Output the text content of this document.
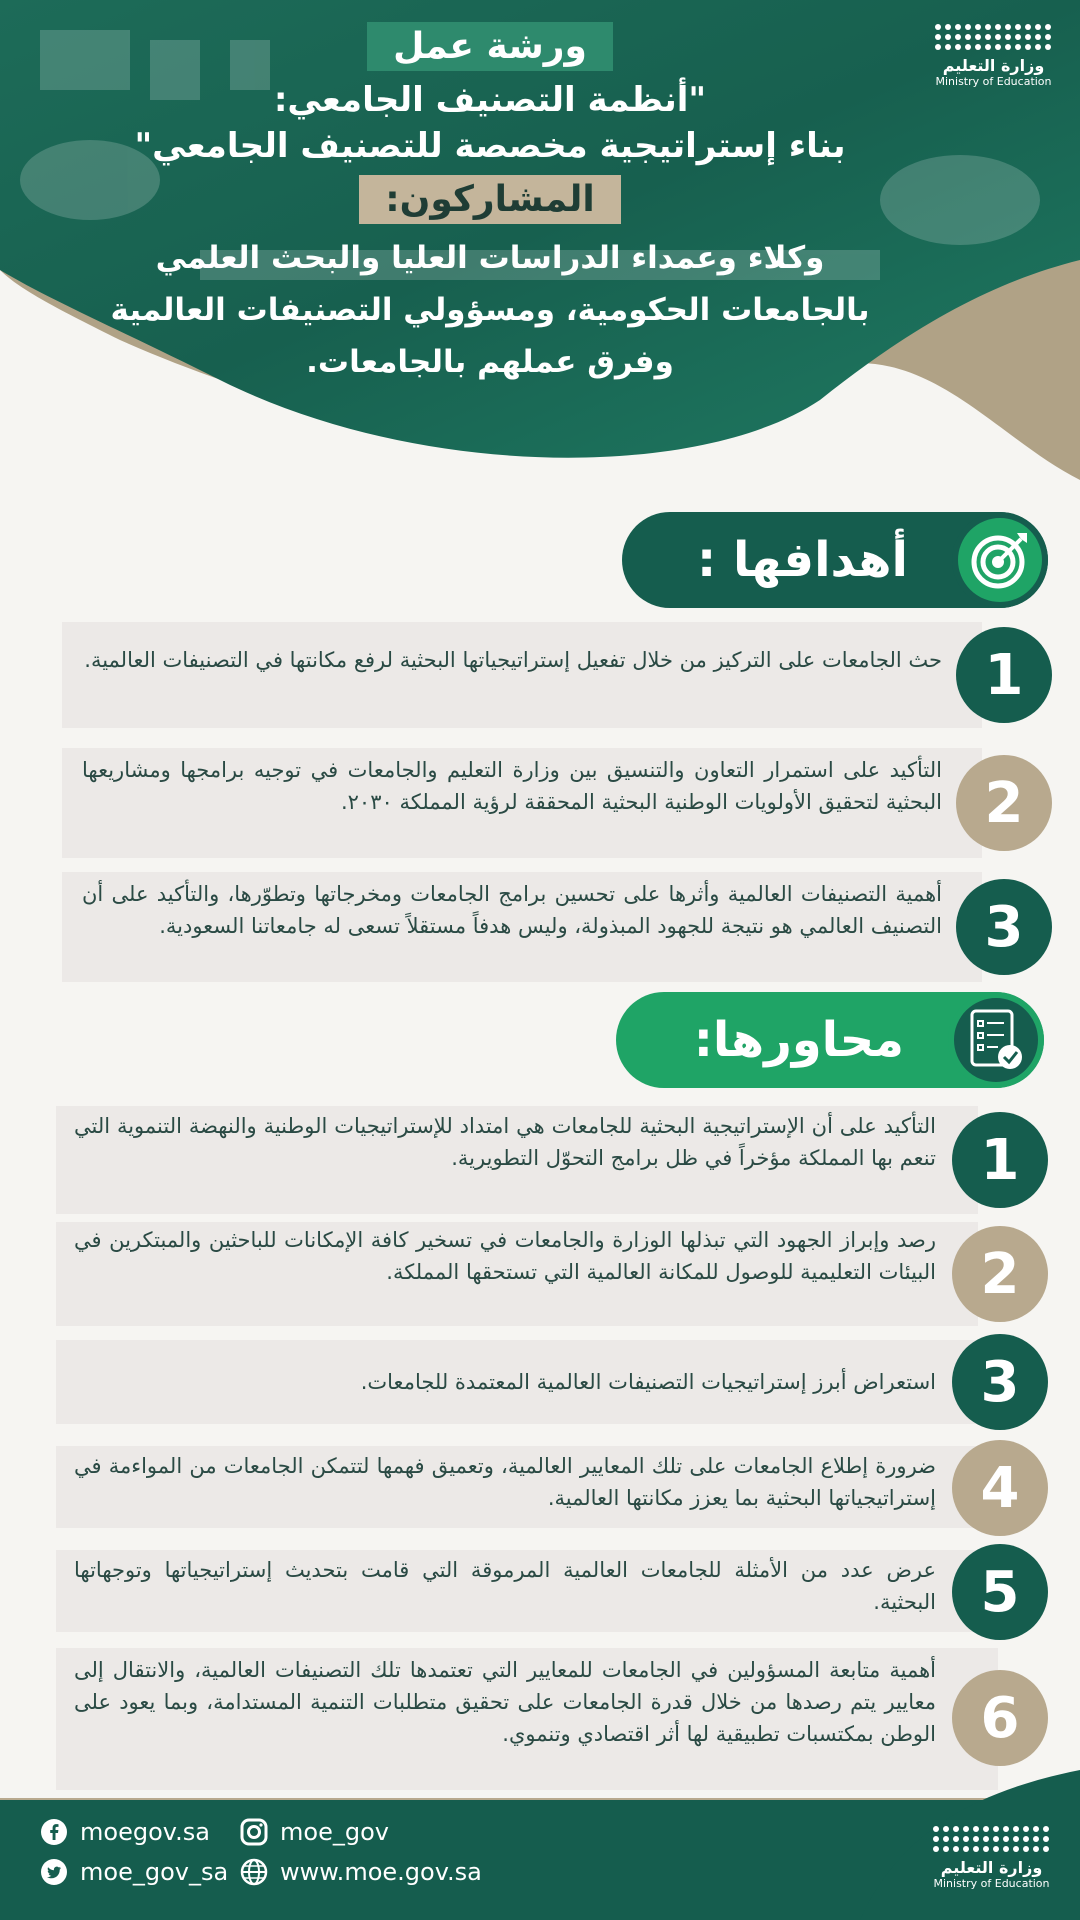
ورشة عمل
"أنظمة التصنيف الجامعي:
بناء إستراتيجية مخصصة للتصنيف الجامعي"
المشاركون:
وكلاء وعمداء الدراسات العليا والبحث العلمي
بالجامعات الحكومية، ومسؤولي التصنيفات العالمية
وفرق عملهم بالجامعات.
وزارة التعليم
Ministry of Education
أهدافها :
1
حث الجامعات على التركيز من خلال تفعيل إستراتيجياتها البحثية لرفع مكانتها في التصنيفات العالمية.
2
التأكيد على استمرار التعاون والتنسيق بين وزارة التعليم والجامعات في توجيه برامجها ومشاريعها البحثية لتحقيق الأولويات الوطنية البحثية المحققة لرؤية المملكة ٢٠٣٠.
3
أهمية التصنيفات العالمية وأثرها على تحسين برامج الجامعات ومخرجاتها وتطوّرها، والتأكيد على أن التصنيف العالمي هو نتيجة للجهود المبذولة، وليس هدفاً مستقلاً تسعى له جامعاتنا السعودية.
محاورها:
1
التأكيد على أن الإستراتيجية البحثية للجامعات هي امتداد للإستراتيجيات الوطنية والنهضة التنموية التي تنعم بها المملكة مؤخراً في ظل برامج التحوّل التطويرية.
2
رصد وإبراز الجهود التي تبذلها الوزارة والجامعات في تسخير كافة الإمكانات للباحثين والمبتكرين في البيئات التعليمية للوصول للمكانة العالمية التي تستحقها المملكة.
3
استعراض أبرز إستراتيجيات التصنيفات العالمية المعتمدة للجامعات.
4
ضرورة إطلاع الجامعات على تلك المعايير العالمية، وتعميق فهمها لتتمكن الجامعات من المواءمة في إستراتيجياتها البحثية بما يعزز مكانتها العالمية.
5
عرض عدد من الأمثلة للجامعات العالمية المرموقة التي قامت بتحديث إستراتيجياتها وتوجهاتها البحثية.
6
أهمية متابعة المسؤولين في الجامعات للمعايير التي تعتمدها تلك التصنيفات العالمية، والانتقال إلى معايير يتم رصدها من خلال قدرة الجامعات على تحقيق متطلبات التنمية المستدامة، وبما يعود على الوطن بمكتسبات تطبيقية لها أثر اقتصادي وتنموي.
moegov.sa	moe_gov
moe_gov_sa www.moe.gov.sa	وزارة التعليم
Ministry of Education
